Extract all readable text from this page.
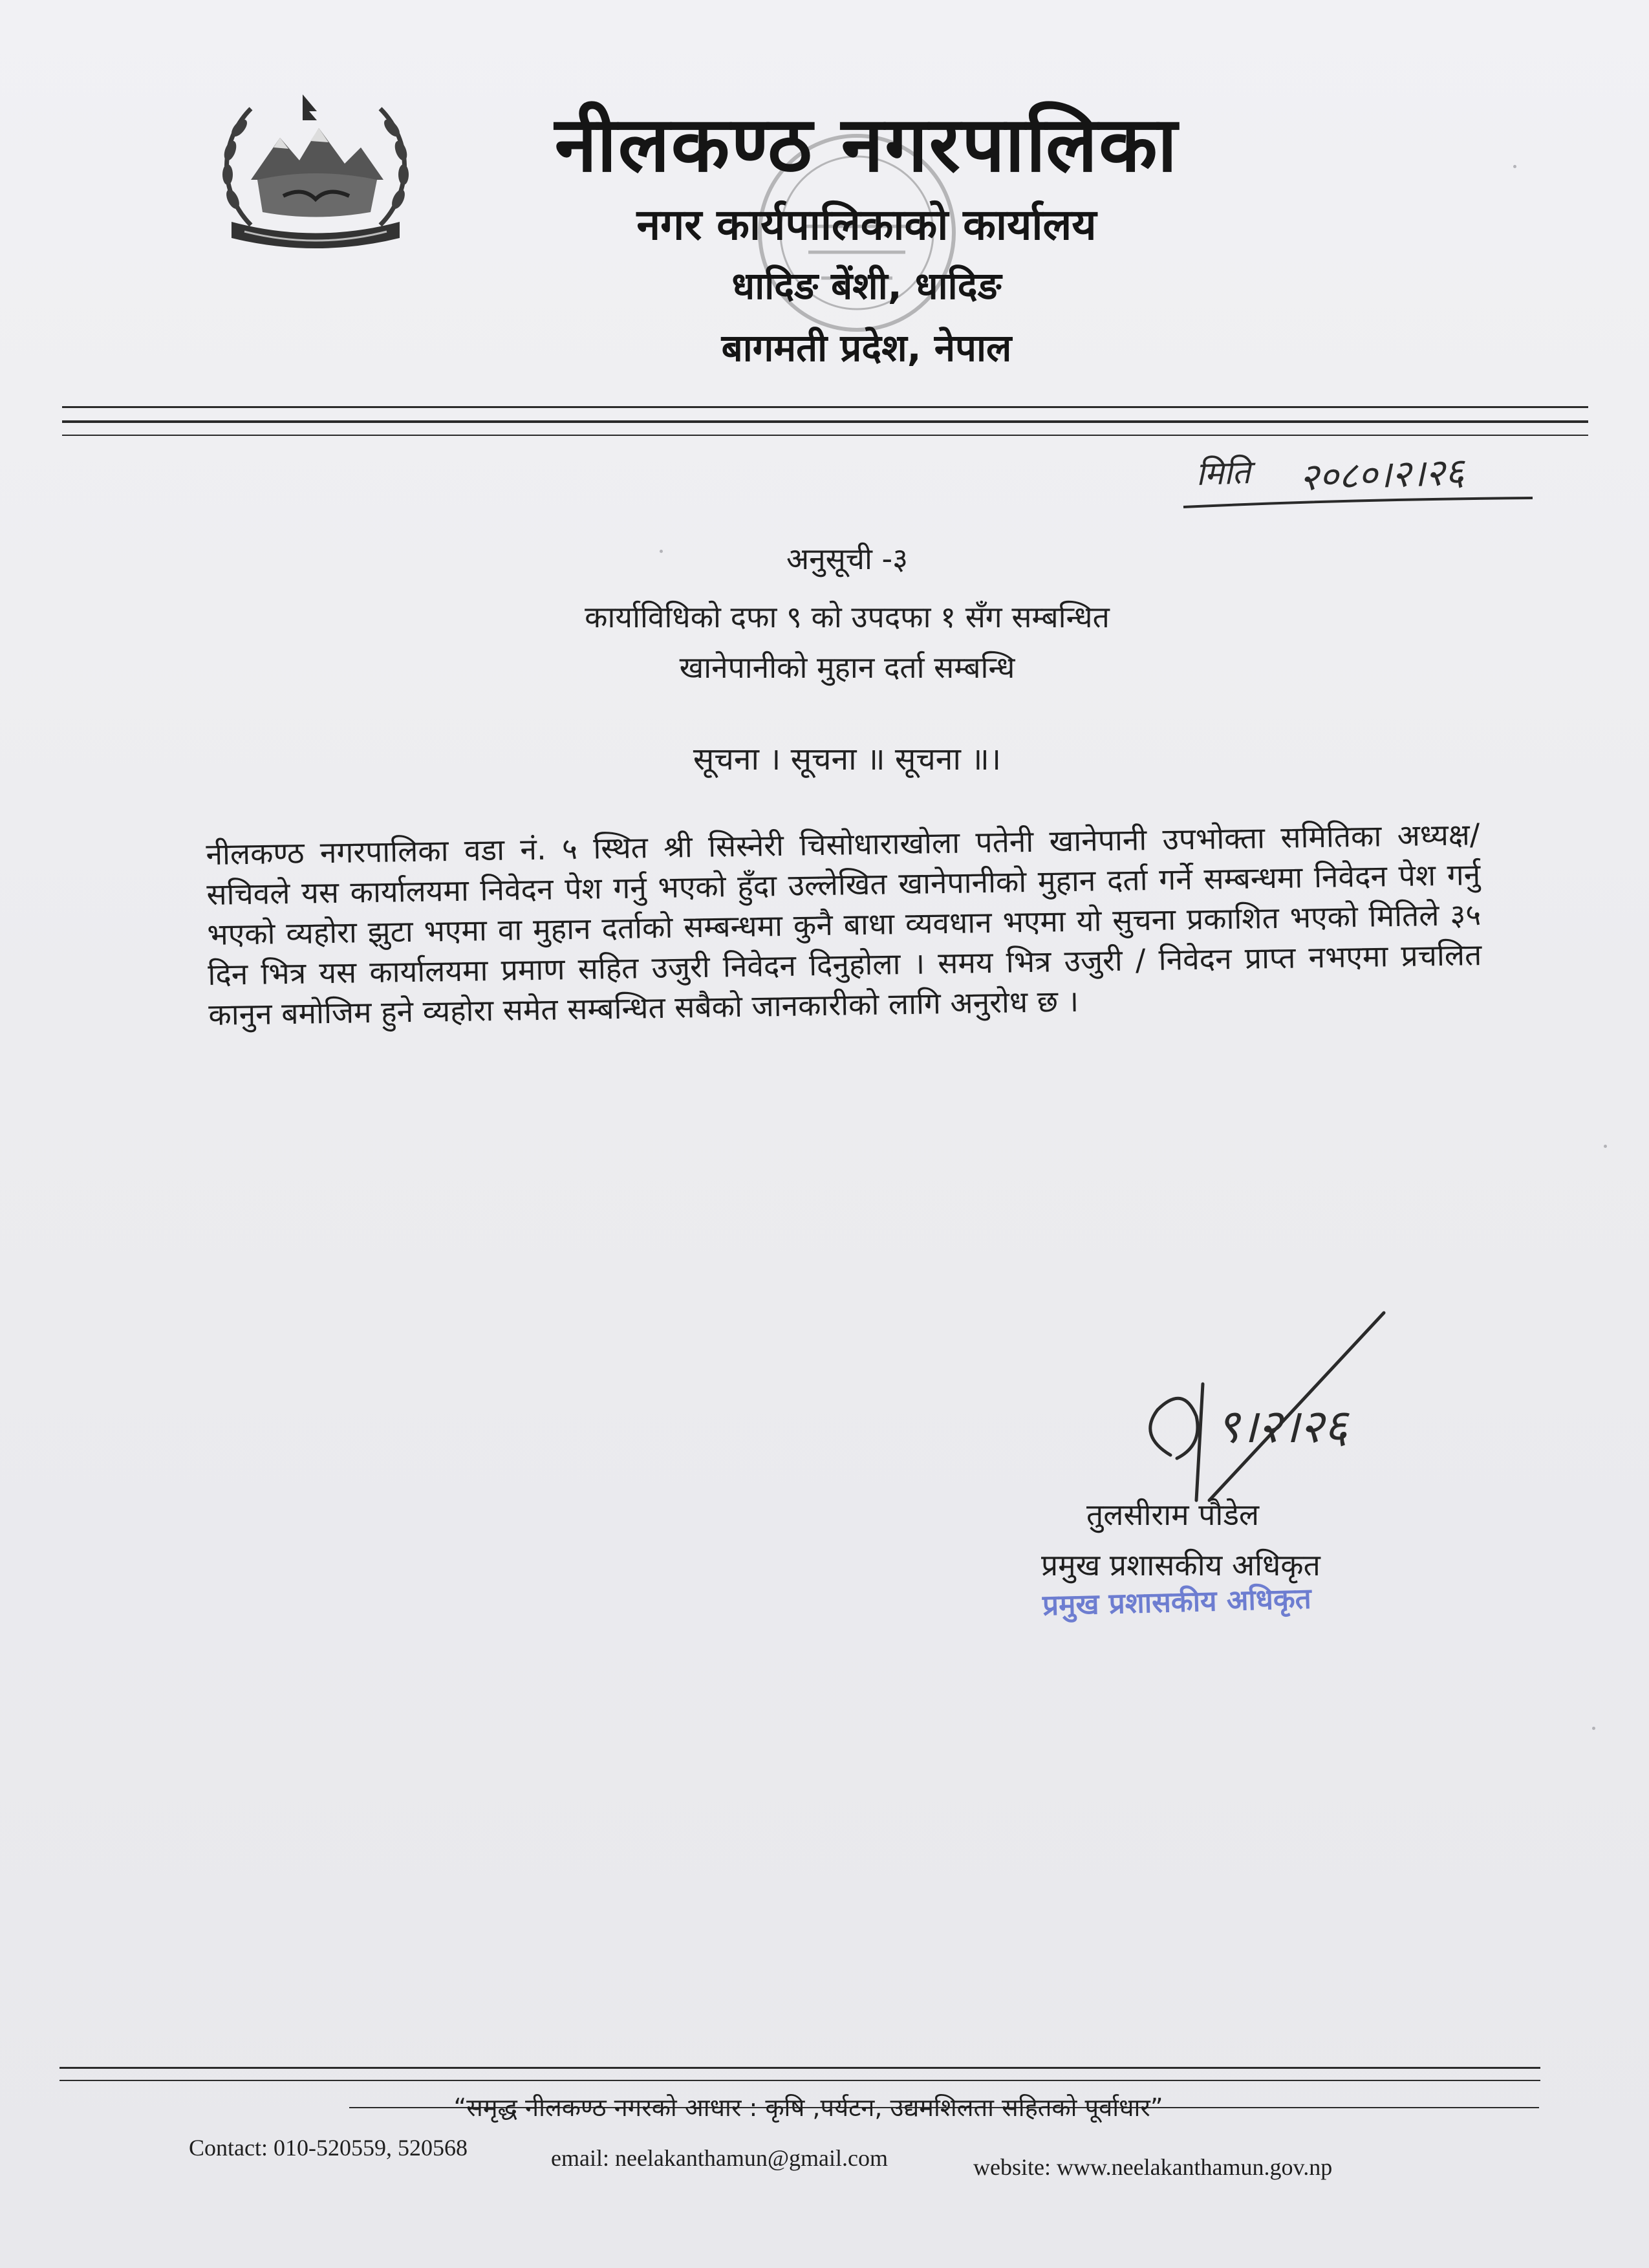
नीलकण्ठ नगरपालिका
नगर कार्यपालिकाको कार्यालय
धादिङ बेंशी, धादिङ
बागमती प्रदेश, नेपाल
मिति २०८०।२।२६
अनुसूची -३
कार्याविधिको दफा ९ को उपदफा १ सँग सम्बन्धित
खानेपानीको मुहान दर्ता सम्बन्धि
सूचना । सूचना ॥ सूचना ॥।
नीलकण्ठ नगरपालिका वडा नं. ५ स्थित श्री सिस्नेरी चिसोधाराखोला पतेनी खानेपानी उपभोक्ता समितिका अध्यक्ष/सचिवले यस कार्यालयमा निवेदन पेश गर्नु भएको हुँदा उल्लेखित खानेपानीको मुहान दर्ता गर्ने सम्बन्धमा निवेदन पेश गर्नु भएको व्यहोरा झुटा भएमा वा मुहान दर्ताको सम्बन्धमा कुनै बाधा व्यवधान भएमा यो सुचना प्रकाशित भएको मितिले ३५ दिन भित्र यस कार्यालयमा प्रमाण सहित उजुरी निवेदन दिनुहोला । समय भित्र उजुरी / निवेदन प्राप्त नभएमा प्रचलित कानुन बमोजिम हुने व्यहोरा समेत सम्बन्धित सबैको जानकारीको लागि अनुरोध छ ।
९।२।२६
तुलसीराम पौडेल
प्रमुख प्रशासकीय अधिकृत
प्रमुख प्रशासकीय अधिकृत
“समृद्ध नीलकण्ठ नगरको आधार : कृषि ,पर्यटन, उद्यमशिलता सहितको पूर्वाधार”
Contact: 010-520559, 520568	email: neelakanthamun@gmail.com	website: www.neelakanthamun.gov.np
